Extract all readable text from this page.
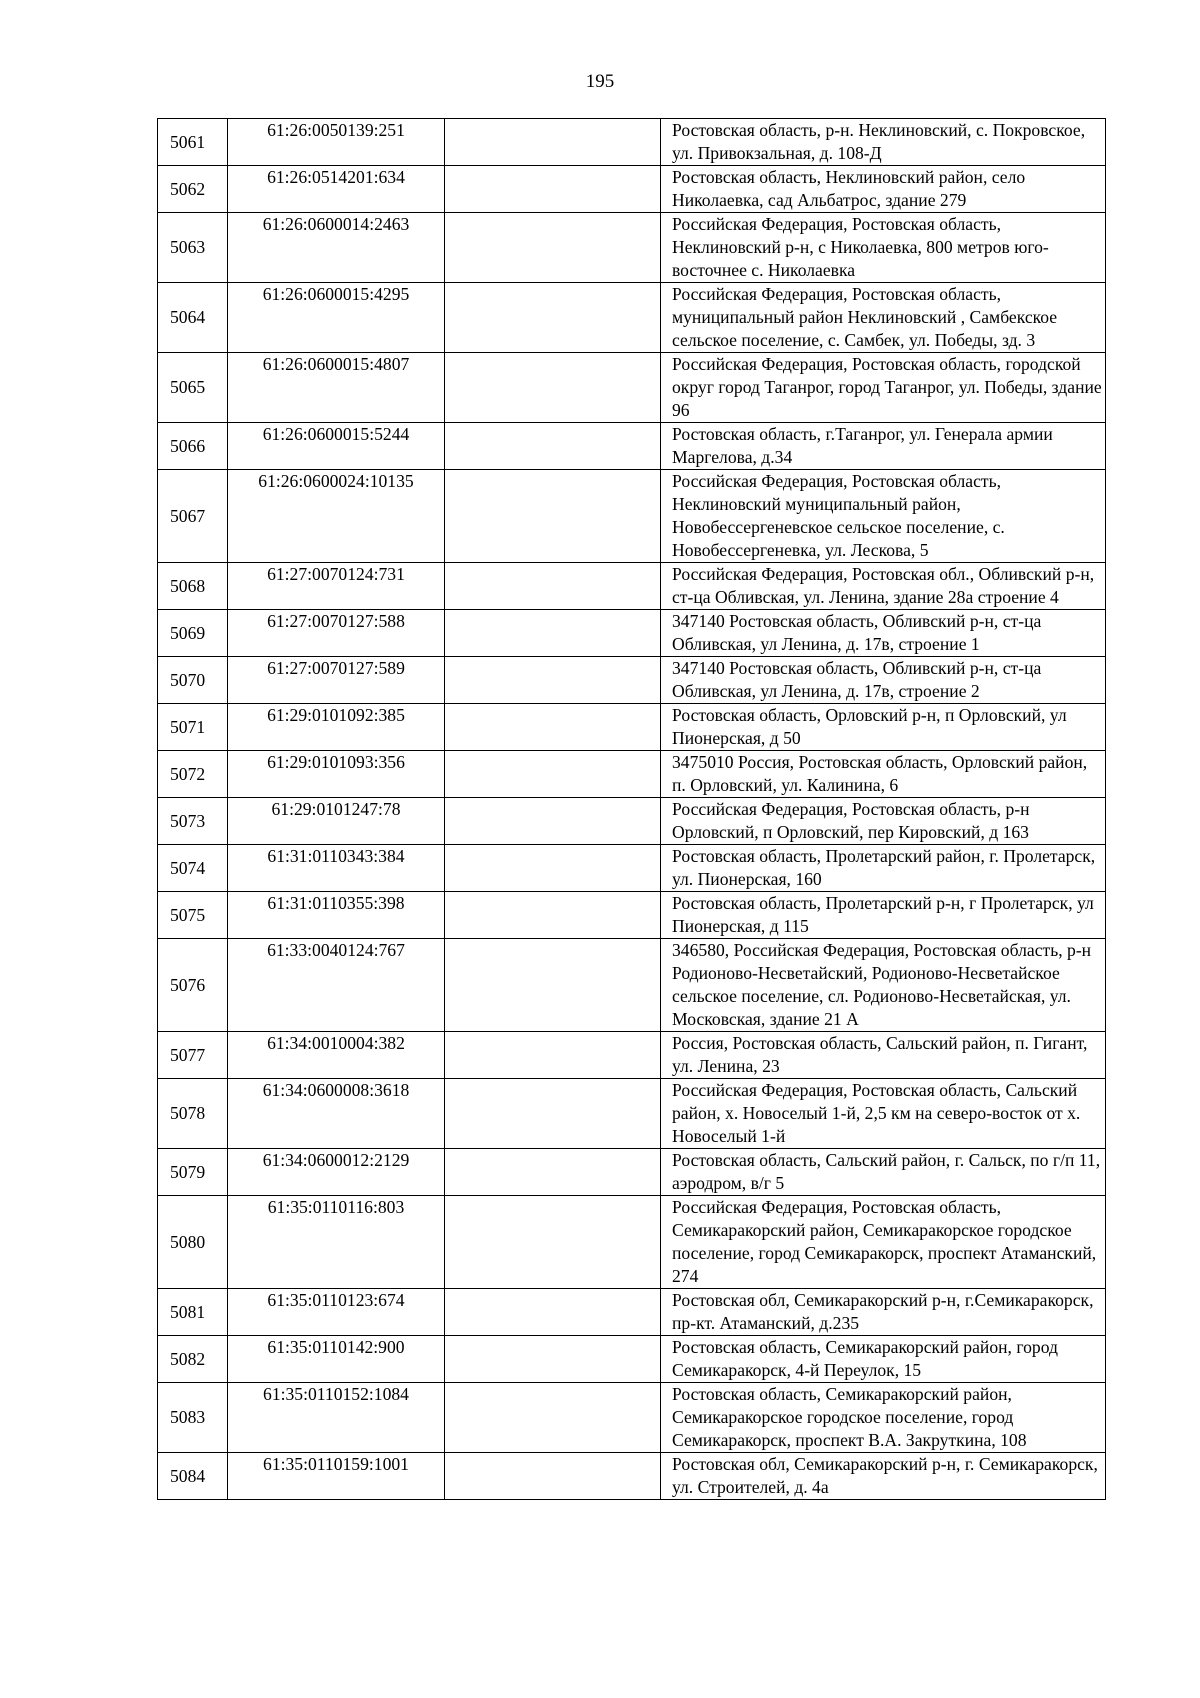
195
5061	61:26:0050139:251		Ростовская область, р-н. Неклиновский, с. Покровское, ул. Привокзальная, д. 108-Д
5062	61:26:0514201:634		Ростовская область, Неклиновский район, село Николаевка, сад Альбатрос, здание 279
5063	61:26:0600014:2463		Российская Федерация, Ростовская область, Неклиновский р-н, с Николаевка, 800 метров юго-восточнее с. Николаевка
5064	61:26:0600015:4295		Российская Федерация, Ростовская область, муниципальный район Неклиновский , Самбекское сельское поселение, с. Самбек, ул. Победы, зд. 3
5065	61:26:0600015:4807		Российская Федерация, Ростовская область, городской округ город Таганрог, город Таганрог, ул. Победы, здание 96
5066	61:26:0600015:5244		Ростовская область, г.Таганрог, ул. Генерала армии Маргелова, д.34
5067	61:26:0600024:10135		Российская Федерация, Ростовская область, Неклиновский муниципальный район, Новобессергеневское сельское поселение, с. Новобессергеневка, ул. Лескова, 5
5068	61:27:0070124:731		Российская Федерация, Ростовская обл., Обливский р-н, ст-ца Обливская, ул. Ленина, здание 28а строение 4
5069	61:27:0070127:588		347140 Ростовская область, Обливский р-н, ст-ца Обливская, ул Ленина, д. 17в, строение 1
5070	61:27:0070127:589		347140 Ростовская область, Обливский р-н, ст-ца Обливская, ул Ленина, д. 17в, строение 2
5071	61:29:0101092:385		Ростовская область, Орловский р-н, п Орловский, ул Пионерская, д 50
5072	61:29:0101093:356		3475010 Россия, Ростовская область, Орловский район, п. Орловский, ул. Калинина, 6
5073	61:29:0101247:78		Российская Федерация, Ростовская область, р-н Орловский, п Орловский, пер Кировский, д 163
5074	61:31:0110343:384		Ростовская область, Пролетарский район, г. Пролетарск, ул. Пионерская, 160
5075	61:31:0110355:398		Ростовская область, Пролетарский р-н, г Пролетарск, ул Пионерская, д 115
5076	61:33:0040124:767		346580, Российская Федерация, Ростовская область, р-н Родионово-Несветайский, Родионово-Несветайское сельское поселение, сл. Родионово-Несветайская, ул. Московская, здание 21 А
5077	61:34:0010004:382		Россия, Ростовская область, Сальский район, п. Гигант, ул. Ленина, 23
5078	61:34:0600008:3618		Российская Федерация, Ростовская область, Сальский район, х. Новоселый 1-й, 2,5 км на северо-восток от х. Новоселый 1-й
5079	61:34:0600012:2129		Ростовская область, Сальский район, г. Сальск, по г/п 11, аэродром, в/г 5
5080	61:35:0110116:803		Российская Федерация, Ростовская область, Семикаракорский район, Семикаракорское городское поселение, город Семикаракорск, проспект Атаманский, 274
5081	61:35:0110123:674		Ростовская обл, Семикаракорский р-н, г.Семикаракорск, пр-кт. Атаманский, д.235
5082	61:35:0110142:900		Ростовская область, Семикаракорский район, город Семикаракорск, 4-й Переулок, 15
5083	61:35:0110152:1084		Ростовская область, Семикаракорский район, Семикаракорское городское поселение, город Семикаракорск, проспект В.А. Закруткина, 108
5084	61:35:0110159:1001		Ростовская обл, Семикаракорский р-н, г. Семикаракорск, ул. Строителей, д. 4а
